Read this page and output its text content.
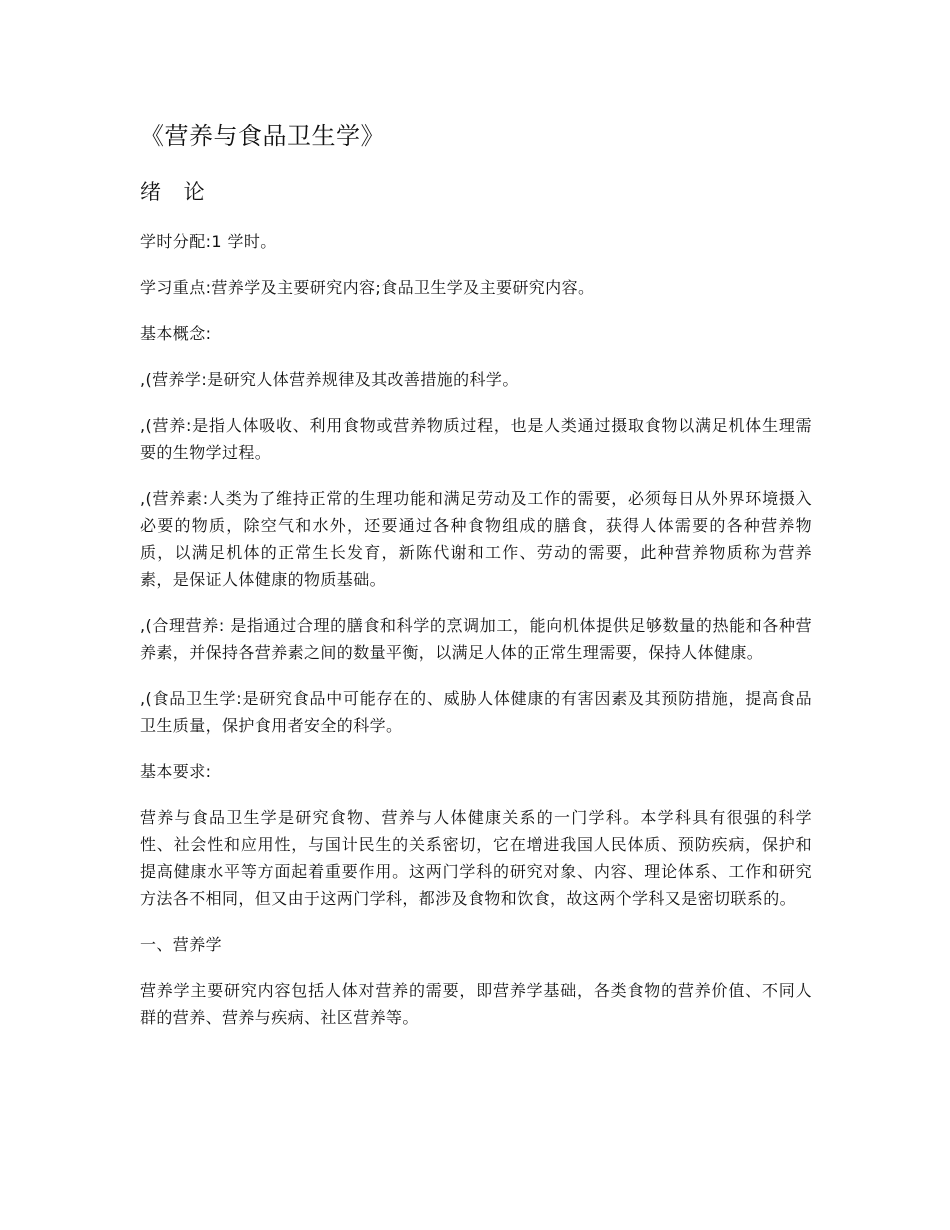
《营养与食品卫生学》
绪 论

学时分配:1 学时。

学习重点:营养学及主要研究内容;食品卫生学及主要研究内容。

基本概念:

,(营养学:是研究人体营养规律及其改善措施的科学。

,(营养:是指人体吸收、利用食物或营养物质过程，也是人类通过摄取食物以满足机体生理需要的生物学过程。

,(营养素:人类为了维持正常的生理功能和满足劳动及工作的需要，必须每日从外界环境摄入必要的物质，除空气和水外，还要通过各种食物组成的膳食，获得人体需要的各种营养物质，以满足机体的正常生长发育，新陈代谢和工作、劳动的需要，此种营养物质称为营养素，是保证人体健康的物质基础。

,(合理营养: 是指通过合理的膳食和科学的烹调加工，能向机体提供足够数量的热能和各种营养素，并保持各营养素之间的数量平衡，以满足人体的正常生理需要，保持人体健康。

,(食品卫生学:是研究食品中可能存在的、威胁人体健康的有害因素及其预防措施，提高食品卫生质量，保护食用者安全的科学。

基本要求:

营养与食品卫生学是研究食物、营养与人体健康关系的一门学科。本学科具有很强的科学性、社会性和应用性，与国计民生的关系密切，它在增进我国人民体质、预防疾病，保护和提高健康水平等方面起着重要作用。这两门学科的研究对象、内容、理论体系、工作和研究方法各不相同，但又由于这两门学科，都涉及食物和饮食，故这两个学科又是密切联系的。

一、营养学

营养学主要研究内容包括人体对营养的需要，即营养学基础，各类食物的营养价值、不同人群的营养、营养与疾病、社区营养等。
